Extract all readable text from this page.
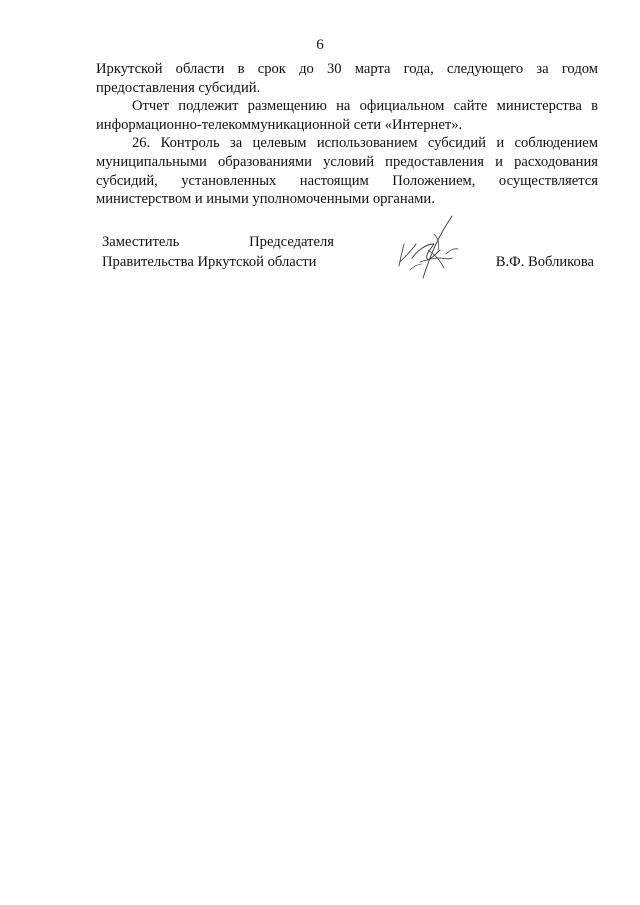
6

Иркутской области в срок до 30 марта года, следующего за годом предоставления субсидий.

Отчет подлежит размещению на официальном сайте министерства в информационно-телекоммуникационной сети «Интернет».

26. Контроль за целевым использованием субсидий и соблюдением муниципальными образованиями условий предоставления и расходования субсидий, установленных настоящим Положением, осуществляется министерством и иными уполномоченными органами.

Заместитель	Председателя
Правительства Иркутской области	В.Ф. Вобликова
